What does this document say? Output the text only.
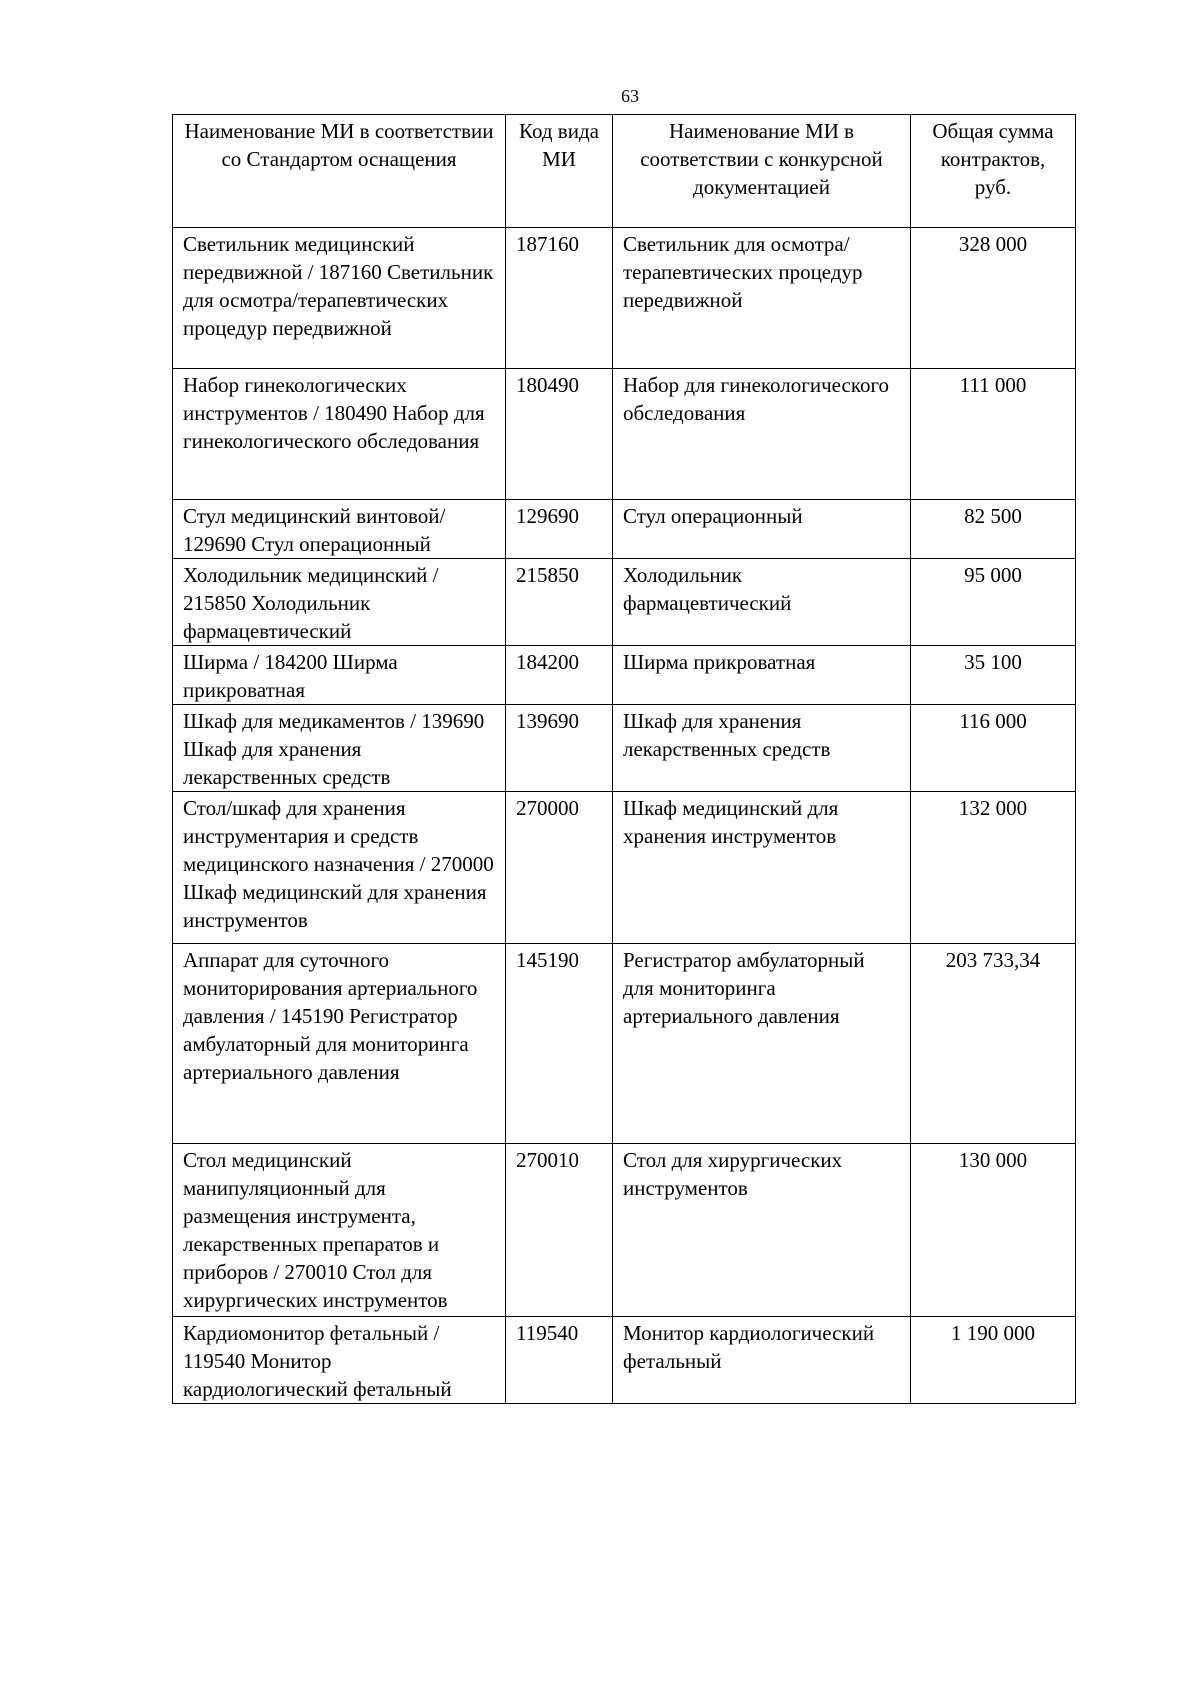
63
Наименование МИ в соответствии со Стандартом оснащения	Код вида МИ	Наименование МИ в соответствии с конкурсной документацией	Общая сумма контрактов, руб.
Светильник медицинский передвижной / 187160 Светильник для осмотра/терапевтических процедур передвижной	187160	Светильник для осмотра/терапевтических процедур передвижной	328 000
Набор гинекологических инструментов / 180490 Набор для гинекологического обследования	180490	Набор для гинекологического обследования	111 000
Стул медицинский винтовой/ 129690 Стул операционный	129690	Стул операционный	82 500
Холодильник медицинский / 215850 Холодильник фармацевтический	215850	Холодильник фармацевтический	95 000
Ширма / 184200 Ширма прикроватная	184200	Ширма прикроватная	35 100
Шкаф для медикаментов / 139690 Шкаф для хранения лекарственных средств	139690	Шкаф для хранения лекарственных средств	116 000
Стол/шкаф для хранения инструментария и средств медицинского назначения / 270000 Шкаф медицинский для хранения инструментов	270000	Шкаф медицинский для хранения инструментов	132 000
Аппарат для суточного мониторирования артериального давления / 145190 Регистратор амбулаторный для мониторинга артериального давления	145190	Регистратор амбулаторный для мониторинга артериального давления	203 733,34
Стол медицинский манипуляционный для размещения инструмента, лекарственных препаратов и приборов / 270010 Стол для хирургических инструментов	270010	Стол для хирургических инструментов	130 000
Кардиомонитор фетальный / 119540 Монитор кардиологический фетальный	119540	Монитор кардиологический фетальный	1 190 000
